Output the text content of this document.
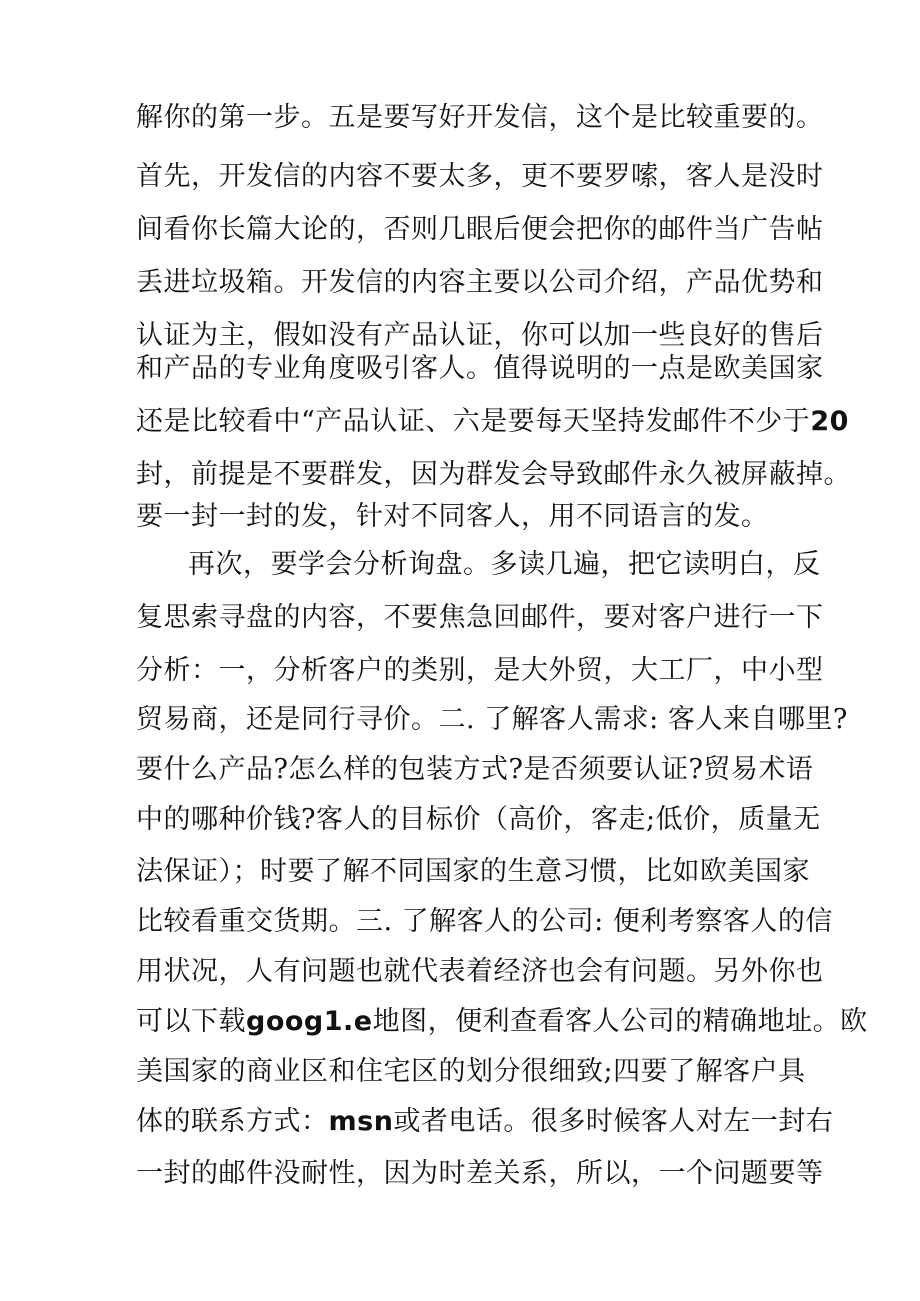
解你的第一步。五是要写好开发信，这个是比较重要的。
首先，开发信的内容不要太多，更不要罗嗦，客人是没时
间看你长篇大论的，否则几眼后便会把你的邮件当广告帖
丢进垃圾箱。开发信的内容主要以公司介绍，产品优势和
认证为主，假如没有产品认证，你可以加一些良好的售后
和产品的专业角度吸引客人。值得说明的一点是欧美国家
还是比较看中“产品认证、六是要每天坚持发邮件不少于20
封，前提是不要群发，因为群发会导致邮件永久被屏蔽掉。
要一封一封的发，针对不同客人，用不同语言的发。
再次，要学会分析询盘。多读几遍，把它读明白，反
复思索寻盘的内容，不要焦急回邮件，要对客户进行一下
分析：一，分析客户的类别，是大外贸，大工厂，中小型
贸易商，还是同行寻价。二. 了解客人需求: 客人来自哪里?
要什么产品?怎么样的包装方式?是否须要认证?贸易术语
中的哪种价钱?客人的目标价（高价，客走;低价，质量无
法保证）；时要了解不同国家的生意习惯，比如欧美国家
比较看重交货期。三. 了解客人的公司: 便利考察客人的信
用状况，人有问题也就代表着经济也会有问题。另外你也
可以下载goog1.e地图，便利查看客人公司的精确地址。欧
美国家的商业区和住宅区的划分很细致;四要了解客户具
体的联系方式：msn或者电话。很多时候客人对左一封右
一封的邮件没耐性，因为时差关系，所以，一个问题要等
